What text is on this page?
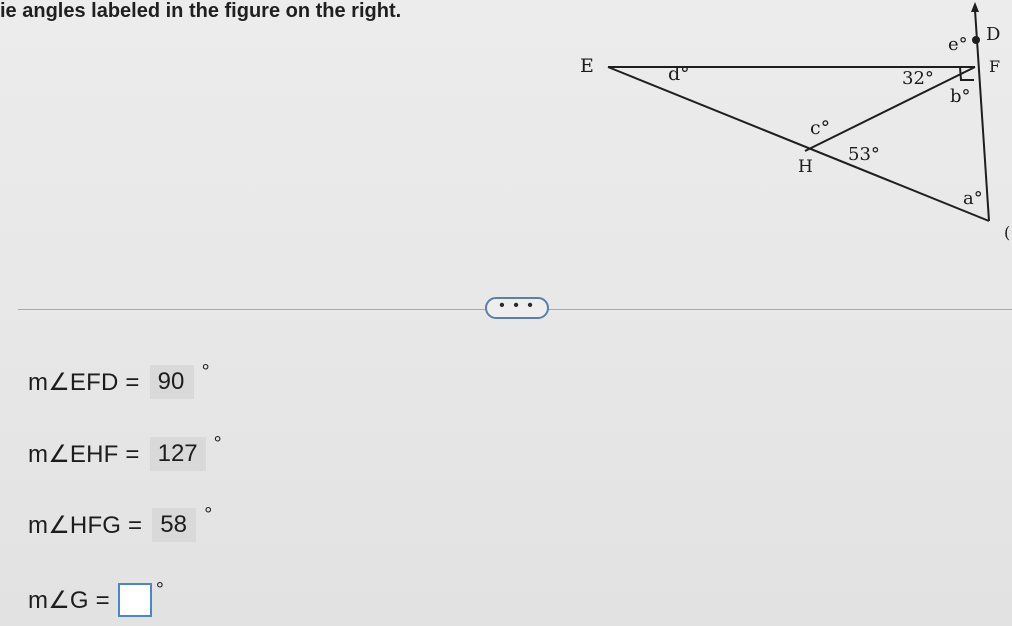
ie angles labeled in the figure on the right.

D
E	F
H
(
e°
d°	32°
b°
c°
53°
a°
• • •
m∠EFD = 90 °
m∠EHF = 127 °
m∠HFG = 58 °
m∠G = °
